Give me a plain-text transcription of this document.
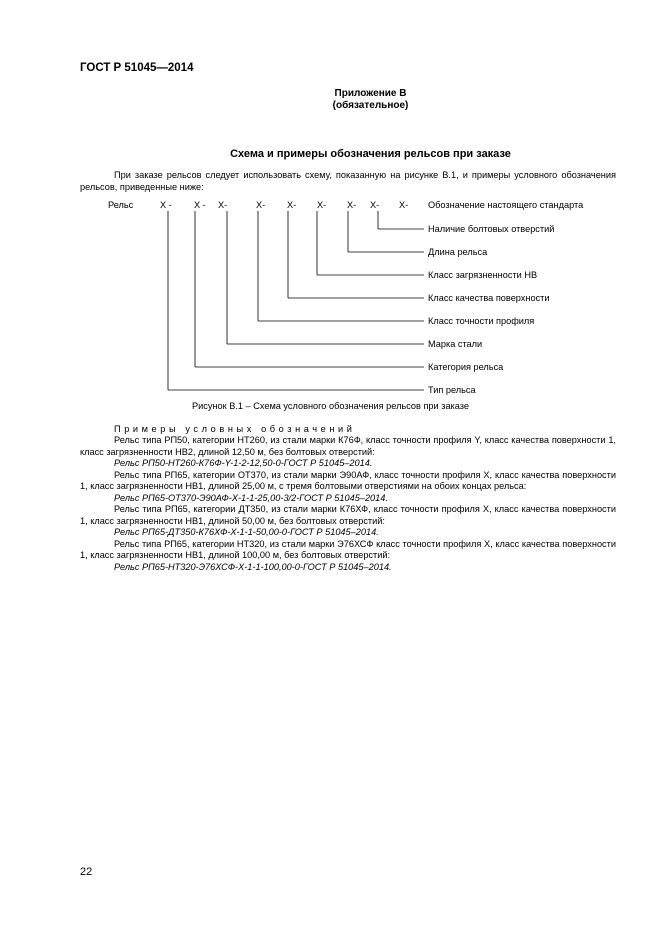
ГОСТ Р 51045—2014
Приложение В
(обязательное)
Схема и примеры обозначения рельсов при заказе
При заказе рельсов следует использовать схему, показанную на рисунке В.1, и примеры условного обозначения рельсов, приведенные ниже:
Рельс	Х - Х - Х-	Х- Х- Х- Х- Х- Х- Обозначение настоящего стандарта
Наличие болтовых отверстий
Длина рельса
Класс загрязненности НВ
Класс качества поверхности
Класс точности профиля
Марка стали
Категория рельса
Тип рельса
Рисунок В.1 – Схема условного обозначения рельсов при заказе
Примеры условных обозначений

Рельс типа РП50, категории НТ260, из стали марки К76Ф, класс точности профиля Y, класс качества поверхности 1, класс загрязненности НВ2, длиной 12,50 м, без болтовых отверстий:

Рельс РП50-НТ260-К76Ф-Y-1-2-12,50-0-ГОСТ Р 51045–2014.

Рельс типа РП65, категории ОТ370, из стали марки Э90АФ, класс точности профиля Х, класс качества поверхности 1, класс загрязненности НВ1, длиной 25,00 м, с тремя болтовыми отверстиями на обоих концах рельса:

Рельс РП65-ОТ370-Э90АФ-Х-1-1-25,00-3/2-ГОСТ Р 51045–2014.

Рельс типа РП65, категории ДТ350, из стали марки К76ХФ, класс точности профиля Х, класс качества поверхности 1, класс загрязненности НВ1, длиной 50,00 м, без болтовых отверстий:

Рельс РП65-ДТ350-К76ХФ-Х-1-1-50,00-0-ГОСТ Р 51045–2014.

Рельс типа РП65, категории НТ320, из стали марки Э76ХСФ класс точности профиля Х, класс качества поверхности 1, класс загрязненности НВ1, длиной 100,00 м, без болтовых отверстий:

Рельс РП65-НТ320-Э76ХСФ-Х-1-1-100,00-0-ГОСТ Р 51045–2014.

22
